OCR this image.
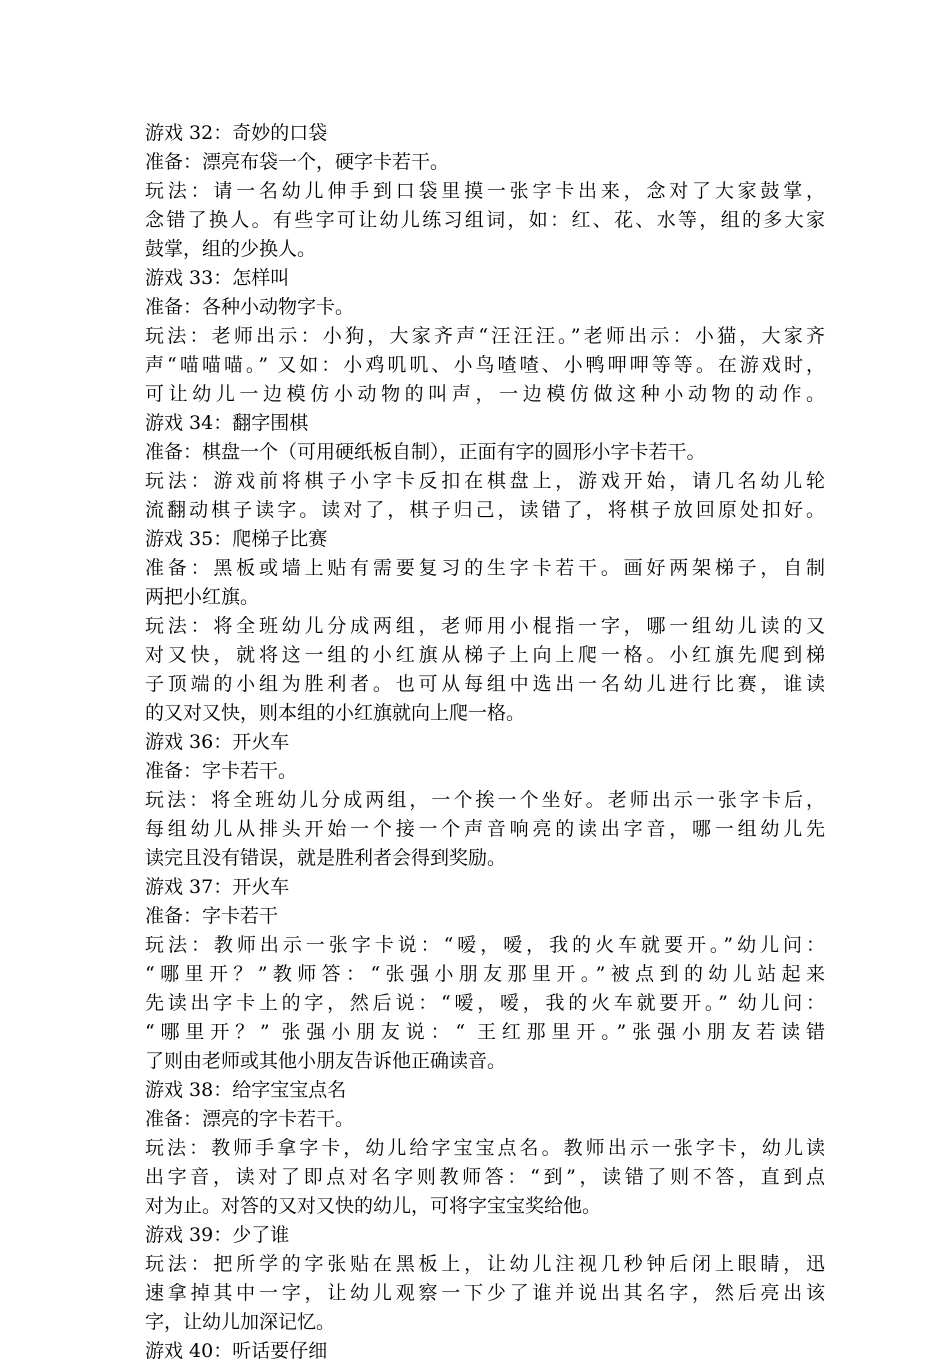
游戏 32：奇妙的口袋
准备：漂亮布袋一个，硬字卡若干。
玩法：请一名幼儿伸手到口袋里摸一张字卡出来，念对了大家鼓掌，
念错了换人。有些字可让幼儿练习组词，如：红、花、水等，组的多大家
鼓掌，组的少换人。
游戏 33：怎样叫
准备：各种小动物字卡。
玩法：老师出示：小狗，大家齐声“汪汪汪。”老师出示：小猫，大家齐
声“喵喵喵。” 又如：小鸡叽叽、小鸟喳喳、小鸭呷呷等等。在游戏时，
可让幼儿一边模仿小动物的叫声，一边模仿做这种小动物的动作。
游戏 34：翻字围棋
准备：棋盘一个（可用硬纸板自制），正面有字的圆形小字卡若干。
玩法：游戏前将棋子小字卡反扣在棋盘上，游戏开始，请几名幼儿轮
流翻动棋子读字。读对了，棋子归己，读错了，将棋子放回原处扣好。
游戏 35：爬梯子比赛
准备：黑板或墙上贴有需要复习的生字卡若干。画好两架梯子，自制
两把小红旗。
玩法：将全班幼儿分成两组，老师用小棍指一字，哪一组幼儿读的又
对又快，就将这一组的小红旗从梯子上向上爬一格。小红旗先爬到梯
子顶端的小组为胜利者。也可从每组中选出一名幼儿进行比赛，谁读
的又对又快，则本组的小红旗就向上爬一格。
游戏 36：开火车
准备：字卡若干。
玩法：将全班幼儿分成两组，一个挨一个坐好。老师出示一张字卡后，
每组幼儿从排头开始一个接一个声音响亮的读出字音，哪一组幼儿先
读完且没有错误，就是胜利者会得到奖励。
游戏 37：开火车
准备：字卡若干
玩法：教师出示一张字卡说：“嗳，嗳，我的火车就要开。”幼儿问：
“哪里开？”教师答：“张强小朋友那里开。”被点到的幼儿站起来
先读出字卡上的字，然后说：“嗳，嗳，我的火车就要开。” 幼儿问：
“哪里开？” 张强小朋友说：“ 王红那里开。”张强小朋友若读错
了则由老师或其他小朋友告诉他正确读音。
游戏 38：给字宝宝点名
准备：漂亮的字卡若干。
玩法：教师手拿字卡，幼儿给字宝宝点名。教师出示一张字卡，幼儿读
出字音，读对了即点对名字则教师答：“到”，读错了则不答，直到点
对为止。对答的又对又快的幼儿，可将字宝宝奖给他。
游戏 39：少了谁
玩法：把所学的字张贴在黑板上，让幼儿注视几秒钟后闭上眼睛，迅
速拿掉其中一字，让幼儿观察一下少了谁并说出其名字，然后亮出该
字，让幼儿加深记忆。
游戏 40：听话要仔细
